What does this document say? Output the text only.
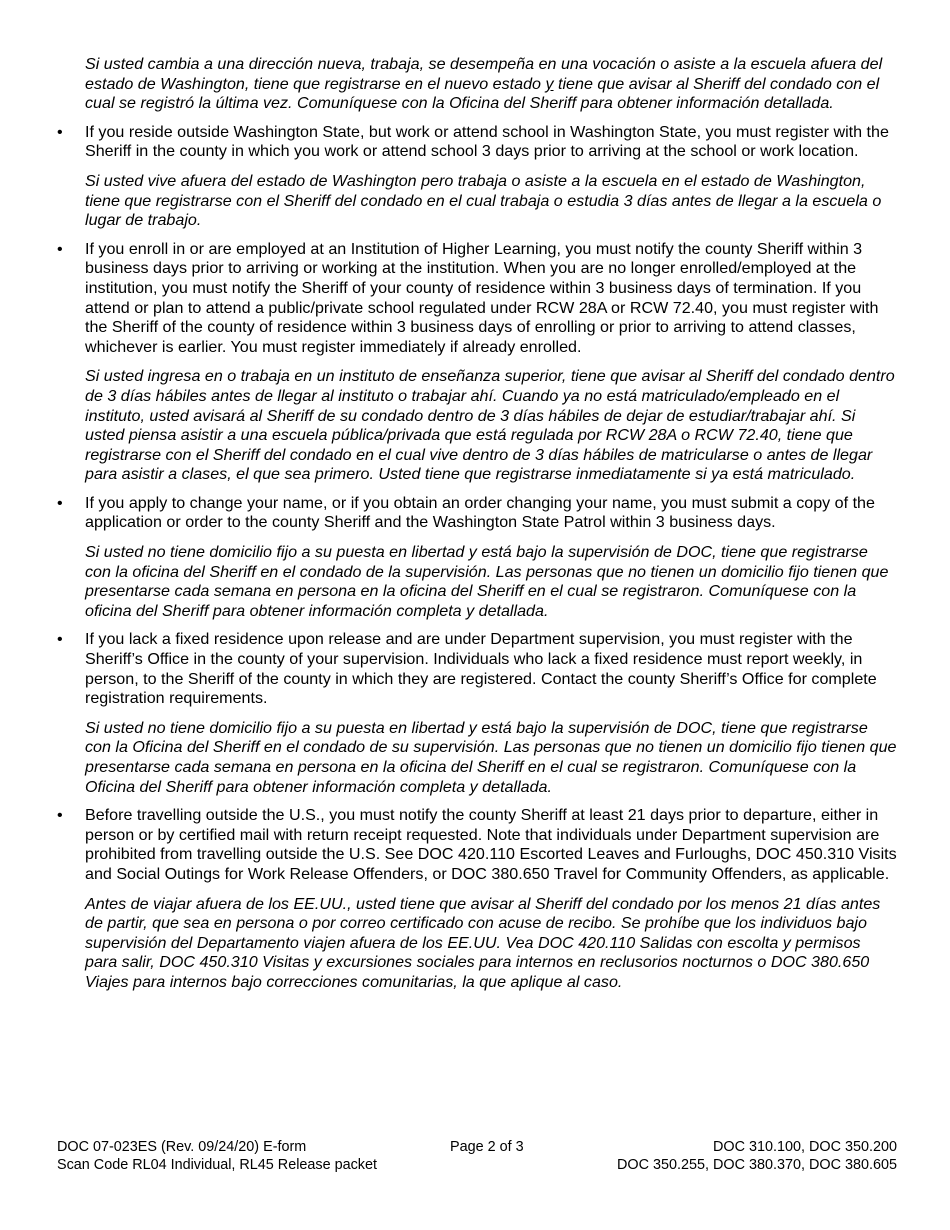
Si usted cambia a una dirección nueva, trabaja, se desempeña en una vocación o asiste a la escuela afuera del estado de Washington, tiene que registrarse en el nuevo estado y tiene que avisar al Sheriff del condado con el cual se registró la última vez. Comuníquese con la Oficina del Sheriff para obtener información detallada.

• If you reside outside Washington State, but work or attend school in Washington State, you must register with the Sheriff in the county in which you work or attend school 3 days prior to arriving at the school or work location.

Si usted vive afuera del estado de Washington pero trabaja o asiste a la escuela en el estado de Washington, tiene que registrarse con el Sheriff del condado en el cual trabaja o estudia 3 días antes de llegar a la escuela o lugar de trabajo.

• If you enroll in or are employed at an Institution of Higher Learning, you must notify the county Sheriff within 3 business days prior to arriving or working at the institution. When you are no longer enrolled/employed at the institution, you must notify the Sheriff of your county of residence within 3 business days of termination. If you attend or plan to attend a public/private school regulated under RCW 28A or RCW 72.40, you must register with the Sheriff of the county of residence within 3 business days of enrolling or prior to arriving to attend classes, whichever is earlier. You must register immediately if already enrolled.

Si usted ingresa en o trabaja en un instituto de enseñanza superior, tiene que avisar al Sheriff del condado dentro de 3 días hábiles antes de llegar al instituto o trabajar ahí. Cuando ya no está matriculado/empleado en el instituto, usted avisará al Sheriff de su condado dentro de 3 días hábiles de dejar de estudiar/trabajar ahí. Si usted piensa asistir a una escuela pública/privada que está regulada por RCW 28A o RCW 72.40, tiene que registrarse con el Sheriff del condado en el cual vive dentro de 3 días hábiles de matricularse o antes de llegar para asistir a clases, el que sea primero. Usted tiene que registrarse inmediatamente si ya está matriculado.

• If you apply to change your name, or if you obtain an order changing your name, you must submit a copy of the application or order to the county Sheriff and the Washington State Patrol within 3 business days.

Si usted no tiene domicilio fijo a su puesta en libertad y está bajo la supervisión de DOC, tiene que registrarse con la oficina del Sheriff en el condado de la supervisión. Las personas que no tienen un domicilio fijo tienen que presentarse cada semana en persona en la oficina del Sheriff en el cual se registraron. Comuníquese con la oficina del Sheriff para obtener información completa y detallada.

• If you lack a fixed residence upon release and are under Department supervision, you must register with the Sheriff’s Office in the county of your supervision. Individuals who lack a fixed residence must report weekly, in person, to the Sheriff of the county in which they are registered. Contact the county Sheriff’s Office for complete registration requirements.

Si usted no tiene domicilio fijo a su puesta en libertad y está bajo la supervisión de DOC, tiene que registrarse con la Oficina del Sheriff en el condado de su supervisión. Las personas que no tienen un domicilio fijo tienen que presentarse cada semana en persona en la oficina del Sheriff en el cual se registraron. Comuníquese con la Oficina del Sheriff para obtener información completa y detallada.

• Before travelling outside the U.S., you must notify the county Sheriff at least 21 days prior to departure, either in person or by certified mail with return receipt requested. Note that individuals under Department supervision are prohibited from travelling outside the U.S. See DOC 420.110 Escorted Leaves and Furloughs, DOC 450.310 Visits and Social Outings for Work Release Offenders, or DOC 380.650 Travel for Community Offenders, as applicable.

Antes de viajar afuera de los EE.UU., usted tiene que avisar al Sheriff del condado por los menos 21 días antes de partir, que sea en persona o por correo certificado con acuse de recibo. Se prohíbe que los individuos bajo supervisión del Departamento viajen afuera de los EE.UU. Vea DOC 420.110 Salidas con escolta y permisos para salir, DOC 450.310 Visitas y excursiones sociales para internos en reclusorios nocturnos o DOC 380.650 Viajes para internos bajo correcciones comunitarias, la que aplique al caso.

DOC 07-023ES (Rev. 09/24/20) E-form	Page 2 of 3	DOC 310.100, DOC 350.200
Scan Code RL04 Individual, RL45 Release packet	DOC 350.255, DOC 380.370, DOC 380.605
